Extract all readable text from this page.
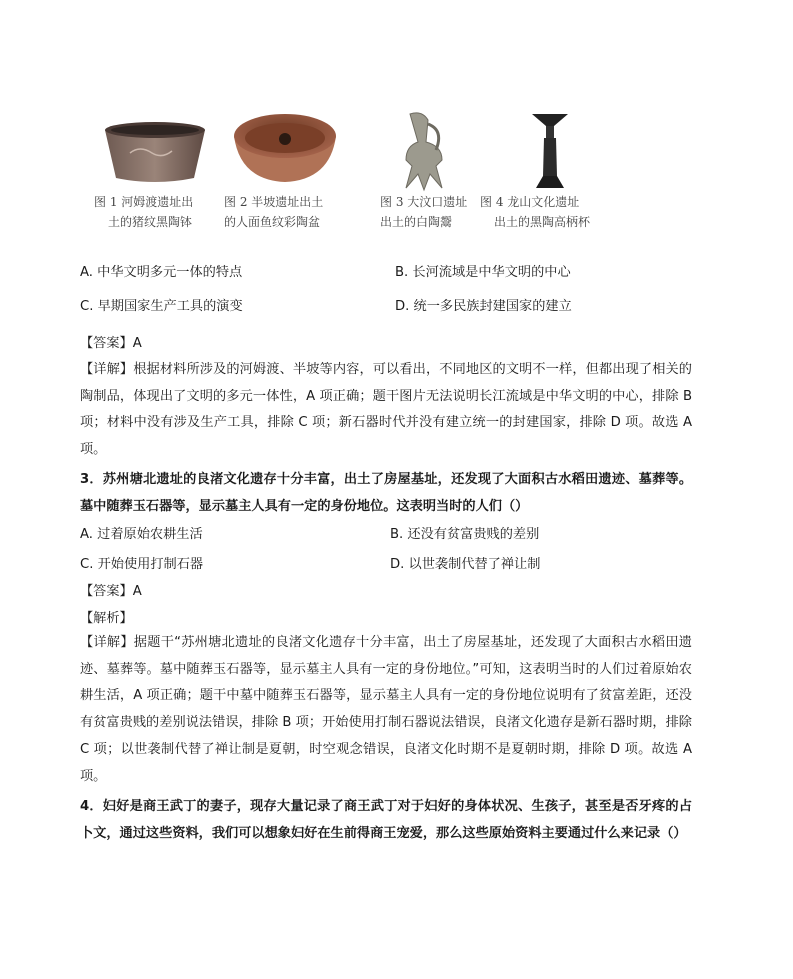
图 1 河姆渡遗址出
土的猪纹黑陶钵
图 2 半坡遗址出土
的人面鱼纹彩陶盆
图 3 大汶口遗址
出土的白陶鬶
图 4 龙山文化遗址
出土的黑陶高柄杯
A. 中华文明多元一体的特点	B. 长河流域是中华文明的中心
C. 早期国家生产工具的演变	D. 统一多民族封建国家的建立
【答案】A
【详解】根据材料所涉及的河姆渡、半坡等内容，可以看出，不同地区的文明不一样，但都出现了相关的陶制品，体现出了文明的多元一体性，A 项正确；题干图片无法说明长江流域是中华文明的中心，排除 B 项；材料中没有涉及生产工具，排除 C 项；新石器时代并没有建立统一的封建国家，排除 D 项。故选 A 项。
3．苏州塘北遗址的良渚文化遗存十分丰富，出土了房屋基址，还发现了大面积古水稻田遗迹、墓葬等。墓中随葬玉石器等，显示墓主人具有一定的身份地位。这表明当时的人们（）
A. 过着原始农耕生活	B. 还没有贫富贵贱的差别
C. 开始使用打制石器	D. 以世袭制代替了禅让制
【答案】A
【解析】
【详解】据题干“苏州塘北遗址的良渚文化遗存十分丰富，出土了房屋基址，还发现了大面积古水稻田遗迹、墓葬等。墓中随葬玉石器等，显示墓主人具有一定的身份地位。”可知，这表明当时的人们过着原始农耕生活，A 项正确；题干中墓中随葬玉石器等，显示墓主人具有一定的身份地位说明有了贫富差距，还没有贫富贵贱的差别说法错误，排除 B 项；开始使用打制石器说法错误，良渚文化遗存是新石器时期，排除 C 项；以世袭制代替了禅让制是夏朝，时空观念错误，良渚文化时期不是夏朝时期，排除 D 项。故选 A 项。
4．妇好是商王武丁的妻子，现存大量记录了商王武丁对于妇好的身体状况、生孩子，甚至是否牙疼的占卜文，通过这些资料，我们可以想象妇好在生前得商王宠爱，那么这些原始资料主要通过什么来记录（）
